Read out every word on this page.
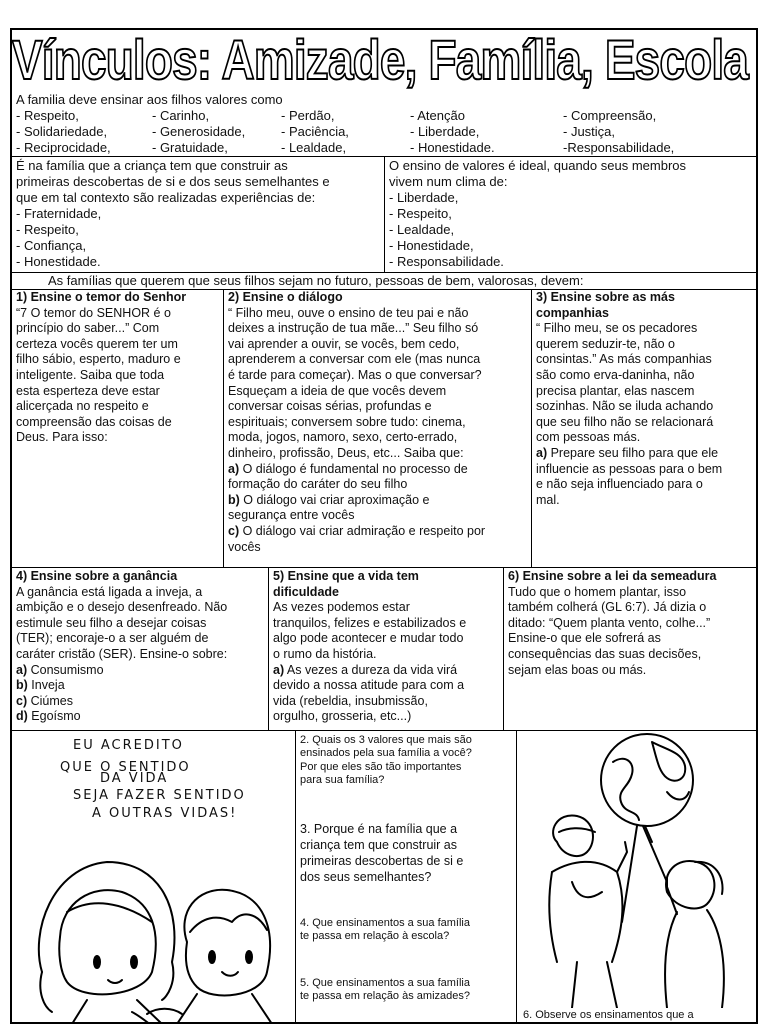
Vínculos: Amizade, Família, Escola
A familia deve ensinar aos filhos valores como
- Respeito,
- Solidariedade,
- Reciprocidade,
- Carinho,
- Generosidade,
- Gratuidade,
- Perdão,
- Paciência,
- Lealdade,
- Atenção
- Liberdade,
- Honestidade.
- Compreensão,
- Justiça,
-Responsabilidade,
É na família que a criança tem que construir as
primeiras descobertas de si e dos seus semelhantes e
que em tal contexto são realizadas experiências de:
- Fraternidade,
- Respeito,
- Confiança,
- Honestidade.
O ensino de valores é ideal, quando seus membros
vivem num clima de:
- Liberdade,
- Respeito,
- Lealdade,
- Honestidade,
- Responsabilidade.
As famílias que querem que seus filhos sejam no futuro, pessoas de bem, valorosas, devem:
1) Ensine o temor do Senhor
“7 O temor do SENHOR é o
princípio do saber...” Com
certeza vocês querem ter um
filho sábio, esperto, maduro e
inteligente. Saiba que toda
esta esperteza deve estar
alicerçada no respeito e
compreensão das coisas de
Deus. Para isso:
2) Ensine o diálogo
“ Filho meu, ouve o ensino de teu pai e não
deixes a instrução de tua mãe...” Seu filho só
vai aprender a ouvir, se vocês, bem cedo,
aprenderem a conversar com ele (mas nunca
é tarde para começar). Mas o que conversar?
Esqueçam a ideia de que vocês devem
conversar coisas sérias, profundas e
espirituais; conversem sobre tudo: cinema,
moda, jogos, namoro, sexo, certo-errado,
dinheiro, profissão, Deus, etc... Saiba que:
a) O diálogo é fundamental no processo de
formação do caráter do seu filho
b) O diálogo vai criar aproximação e
segurança entre vocês
c) O diálogo vai criar admiração e respeito por
vocês
3) Ensine sobre as más
companhias
“ Filho meu, se os pecadores
querem seduzir-te, não o
consintas.” As más companhias
são como erva-daninha, não
precisa plantar, elas nascem
sozinhas. Não se iluda achando
que seu filho não se relacionará
com pessoas más.
a) Prepare seu filho para que ele
influencie as pessoas para o bem
e não seja influenciado para o
mal.
4) Ensine sobre a ganância
A ganância está ligada a inveja, a
ambição e o desejo desenfreado. Não
estimule seu filho a desejar coisas
(TER); encoraje-o a ser alguém de
caráter cristão (SER). Ensine-o sobre:
a) Consumismo
b) Inveja
c) Ciúmes
d) Egoísmo
5) Ensine que a vida tem
dificuldade
As vezes podemos estar
tranquilos, felizes e estabilizados e
algo pode acontecer e mudar todo
o rumo da história.
a) As vezes a dureza da vida virá
devido a nossa atitude para com a
vida (rebeldia, insubmissão,
orgulho, grosseria, etc...)
6) Ensine sobre a lei da semeadura
Tudo que o homem plantar, isso
também colherá (GL 6:7). Já dizia o
ditado: “Quem planta vento, colhe...”
Ensine-o que ele sofrerá as
consequências das suas decisões,
sejam elas boas ou más.
EU ACREDITO
QUE O SENTIDO
DA VIDA
SEJA FAZER SENTIDO
A OUTRAS VIDAS!
2. Quais os 3 valores que mais são
ensinados pela sua família a você?
Por que eles são tão importantes
para sua família?
3. Porque é na família que a
criança tem que construir as
primeiras descobertas de si e
dos seus semelhantes?
4. Que ensinamentos a sua família
te passa em relação à escola?
5. Que ensinamentos a sua família
te passa em relação às amizades?
6. Observe os ensinamentos que a
